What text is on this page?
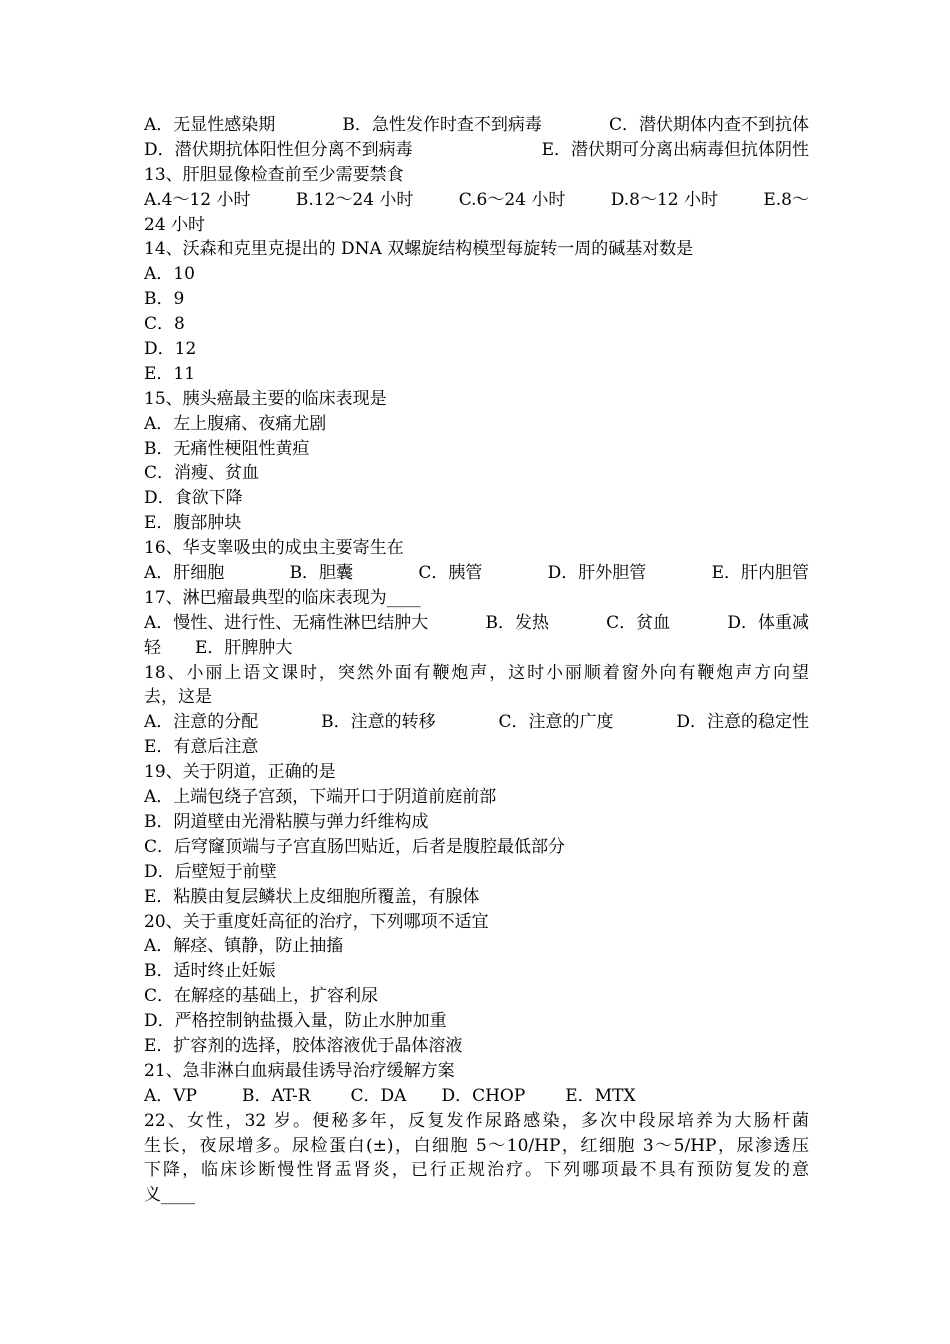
A．无显性感染期	B．急性发作时查不到病毒	C．潜伏期体内查不到抗体
D．潜伏期抗体阳性但分离不到病毒	E．潜伏期可分离出病毒但抗体阴性
13、肝胆显像检查前至少需要禁食
A.4～12 小时	B.12～24 小时	C.6～24 小时	D.8～12 小时	E.8～
24 小时
14、沃森和克里克提出的 DNA 双螺旋结构模型每旋转一周的碱基对数是
A．10
B．9
C．8
D．12
E．11
15、胰头癌最主要的临床表现是
A．左上腹痛、夜痛尤剧
B．无痛性梗阻性黄疸
C．消瘦、贫血
D．食欲下降
E．腹部肿块
16、华支睾吸虫的成虫主要寄生在
A．肝细胞	B．胆囊	C．胰管	D．肝外胆管	E．肝内胆管
17、淋巴瘤最典型的临床表现为____
A．慢性、进行性、无痛性淋巴结肿大	B．发热	C．贫血	D．体重减
轻　　E．肝脾肿大
18、小丽上语文课时，突然外面有鞭炮声，这时小丽顺着窗外向有鞭炮声方向望
去，这是
A．注意的分配	B．注意的转移	C．注意的广度	D．注意的稳定性
E．有意后注意
19、关于阴道，正确的是
A．上端包绕子宫颈，下端开口于阴道前庭前部
B．阴道壁由光滑粘膜与弹力纤维构成
C．后穹窿顶端与子宫直肠凹贴近，后者是腹腔最低部分
D．后壁短于前壁
E．粘膜由复层鳞状上皮细胞所覆盖，有腺体
20、关于重度妊高征的治疗，下列哪项不适宜
A．解痉、镇静，防止抽搐
B．适时终止妊娠
C．在解痉的基础上，扩容利尿
D．严格控制钠盐摄入量，防止水肿加重
E．扩容剂的选择，胶体溶液优于晶体溶液
21、急非淋白血病最佳诱导治疗缓解方案
A．VP	B．AT-R C．DA D．CHOP E．MTX
22、女性，32 岁。便秘多年，反复发作尿路感染，多次中段尿培养为大肠杆菌
生长，夜尿增多。尿检蛋白(±)，白细胞 5～10/HP，红细胞 3～5/HP，尿渗透压
下降，临床诊断慢性肾盂肾炎，已行正规治疗。下列哪项最不具有预防复发的意
义____
